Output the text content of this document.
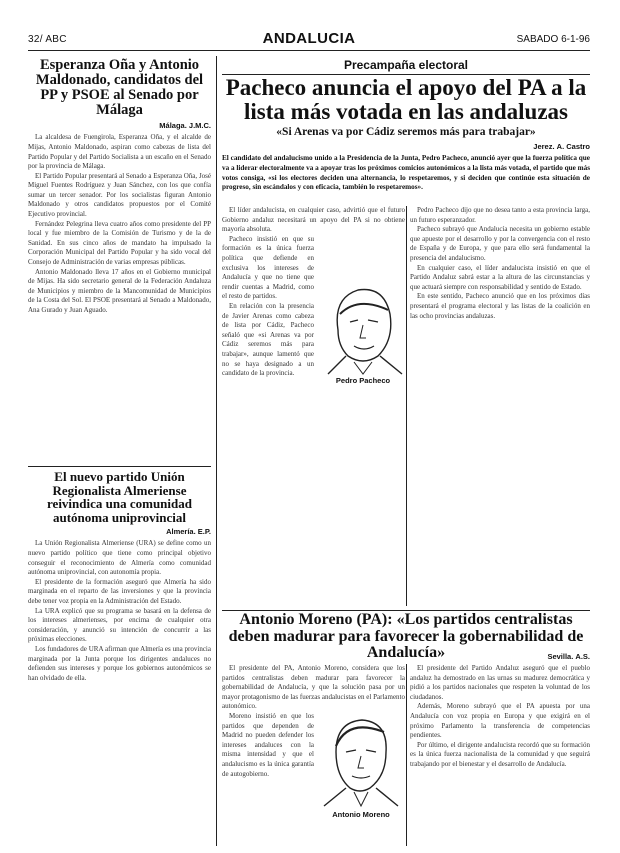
32/ ABC	ANDALUCIA	SABADO 6-1-96
Esperanza Oña y Antonio Maldonado, candidatos del PP y PSOE al Senado por Málaga
Málaga. J.M.C.

La alcaldesa de Fuengirola, Esperanza Oña, y el alcalde de Mijas, Antonio Maldonado, aspiran como cabezas de lista del Partido Popular y del Partido Socialista a un escaño en el Senado por la provincia de Málaga.

El Partido Popular presentará al Senado a Esperanza Oña, José Miguel Fuentes Rodríguez y Juan Sánchez, con los que confía sumar un tercer senador. Por los socialistas figuran Antonio Maldonado y otros candidatos propuestos por el Comité Ejecutivo provincial.

Fernández Pelegrina lleva cuatro años como presidente del PP local y fue miembro de la Comisión de Turismo y de la de Sanidad. En sus cinco años de mandato ha impulsado la Corporación Municipal del Partido Popular y ha sido vocal del Consejo de Administración de varias empresas públicas.

Antonio Maldonado lleva 17 años en el Gobierno municipal de Mijas. Ha sido secretario general de la Federación Andaluza de Municipios y miembro de la Mancomunidad de Municipios de la Costa del Sol. El PSOE presentará al Senado a Maldonado, Ana Gurado y Juan Aguado.

El nuevo partido Unión Regionalista Almeriense reivindica una comunidad autónoma uniprovincial
Almería. E.P.

La Unión Regionalista Almeriense (URA) se define como un nuevo partido político que tiene como principal objetivo conseguir el reconocimiento de Almería como comunidad autónoma uniprovincial, con autonomía propia.

El presidente de la formación aseguró que Almería ha sido marginada en el reparto de las inversiones y que la provincia debe tener voz propia en la Administración del Estado.

La URA explicó que su programa se basará en la defensa de los intereses almerienses, por encima de cualquier otra consideración, y anunció su intención de concurrir a las próximas elecciones.

Los fundadores de URA afirman que Almería es una provincia marginada por la Junta porque los dirigentes andaluces no defienden sus intereses y porque los gobiernos autonómicos se han olvidado de ella.

Precampaña electoral
Pacheco anuncia el apoyo del PA a la lista más votada en las andaluzas
«Si Arenas va por Cádiz seremos más para trabajar»
Jerez. A. Castro
El candidato del andalucismo unido a la Presidencia de la Junta, Pedro Pacheco, anunció ayer que la fuerza política que va a liderar electoralmente va a apoyar tras los próximos comicios autonómicos a la lista más votada, el partido que más votos consiga, «si los electores deciden una alternancia, lo respetaremos, y si deciden que continúe esta situación de progreso, sin escándalos y con eficacia, también lo respetaremos».

El líder andalucista, en cualquier caso, advirtió que el futuro Gobierno andaluz necesitará un apoyo del PA si no obtiene mayoría absoluta.

Pacheco insistió en que su formación es la única fuerza política que defiende en exclusiva los intereses de Andalucía y que no tiene que rendir cuentas a Madrid, como el resto de partidos.

En relación con la presencia de Javier Arenas como cabeza de lista por Cádiz, Pacheco señaló que «si Arenas va por Cádiz seremos más para trabajar», aunque lamentó que no se haya designado a un candidato de la provincia.

Pedro Pacheco

Pedro Pacheco dijo que no desea tanto a esta provincia larga, un futuro esperanzador.

Pacheco subrayó que Andalucía necesita un gobierno estable que apueste por el desarrollo y por la convergencia con el resto de España y de Europa, y que para ello será fundamental la presencia del andalucismo.

En cualquier caso, el líder andalucista insistió en que el Partido Andaluz sabrá estar a la altura de las circunstancias y que actuará siempre con responsabilidad y sentido de Estado.

En este sentido, Pacheco anunció que en los próximos días presentará el programa electoral y las listas de la coalición en las ocho provincias andaluzas.

Antonio Moreno (PA): «Los partidos centralistas deben madurar para favorecer la gobernabilidad de Andalucía»	Sevilla. A.S.

El presidente del PA, Antonio Moreno, considera que los partidos centralistas deben madurar para favorecer la gobernabilidad de Andalucía, y que la solución pasa por un mayor protagonismo de las fuerzas andalucistas en el Parlamento autonómico.

Moreno insistió en que los partidos que dependen de Madrid no pueden defender los intereses andaluces con la misma intensidad y que el andalucismo es la única garantía de autogobierno.

Antonio Moreno

El presidente del Partido Andaluz aseguró que el pueblo andaluz ha demostrado en las urnas su madurez democrática y pidió a los partidos nacionales que respeten la voluntad de los ciudadanos.

Además, Moreno subrayó que el PA apuesta por una Andalucía con voz propia en Europa y que exigirá en el próximo Parlamento la transferencia de competencias pendientes.

Por último, el dirigente andalucista recordó que su formación es la única fuerza nacionalista de la comunidad y que seguirá trabajando por el bienestar y el desarrollo de Andalucía.
